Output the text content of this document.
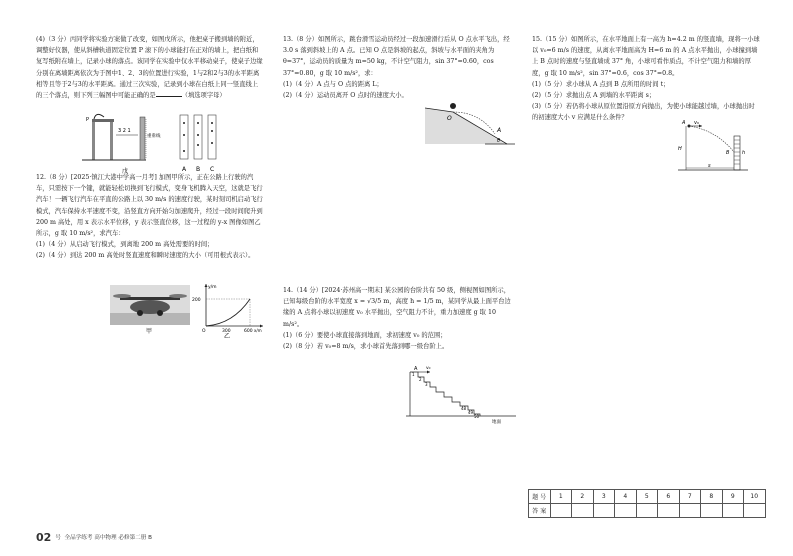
(4)（3 分）丙同学将实验方案做了改变，如图戊所示，他把桌子搬到墙的附近，调整好仪器，使从斜槽轨道固定位置 P 滚下的小球能打在正对的墙上，把白纸和复写纸附在墙上，记录小球的落点。该同学在实验中仅水平移动桌子，使桌子边缘分别在离墙距离依次为于图中1、2、3的位置进行实验，1与2和2与3的水平距离相等且等于2与3的水平距离。通过三次实验，记录到小球在白纸上同一竖直线上的三个落点，则下列三幅图中可能正确的是	（填选项字母）

P
3 2 1
重垂线
戊	A B C

12.（8 分）[2025·镇江大港中学高一月考] 加图甲所示，正在公路上行驶的汽车，只需按下一个键，就能轻松切换到飞行模式，变身飞机腾入天空，这就是飞行汽车！一辆飞行汽车在平直的公路上以 30 m/s 的速度行驶，某时刻司机启动飞行模式，汽车保持水平速度不变，沿竖直方向开始匀加速爬升，经过一段时间爬升到 200 m 高处，用 x 表示水平位移，y 表示竖直位移，这一过程的 y-x 图像如图乙所示，g 取 10 m/s²，求汽车：

(1)（4 分）从启动飞行模式，到离地 200 m 高处需要的时间；

(2)（4 分）到达 200 m 高处时竖直速度和瞬时速度的大小（可用根式表示）。

甲
y/m
200
O	300	600 x/m
乙

13.（8 分）如图所示，跳台滑雪运动员经过一段加速滑行后从 O 点水平飞出，经 3.0 s 落到斜坡上的 A 点。已知 O 点是斜坡的起点，斜坡与水平面的夹角为 θ=37°，运动员的质量为 m=50 kg，不计空气阻力，sin 37°=0.60，cos 37°=0.80，g 取 10 m/s²，求：

(1)（4 分）A 点与 O 点的距离 L；

(2)（4 分）运动员离开 O 点时的速度大小。

O
A
θ

14.（14 分）[2024·苏州高一期末] 某公园的台阶共有 50 级，侧视图如图所示，已知每级台阶的水平宽度 x = √3/5 m，高度 h = 1/5 m，某同学从最上面平台边缘的 A 点将小球以初速度 v₀ 水平抛出，空气阻力不计，重力加速度 g 取 10 m/s²。

(1)（6 分）要使小球直接落到地面，求初速度 v₀ 的范围；

(2)（8 分）若 v₀=8 m/s，求小球首先落到哪一级台阶上。

A v₀
1
2
3
48
49
50
地面

15.（15 分）如图所示，在水平地面上有一高为 h=4.2 m 的竖直墙，现将一小球以 v₀=6 m/s 的速度，从离水平地面高为 H=6 m 的 A 点水平抛出，小球撞到墙上 B 点时的速度与竖直墙成 37° 角，小球可看作质点，不计空气阻力和墙的厚度，g 取 10 m/s²，sin 37°=0.6，cos 37°=0.8。

(1)（5 分）求小球从 A 点到 B 点所用的时间 t；

(2)（5 分）求抛出点 A 到墙的水平距离 s；

(3)（5 分）若仍将小球从原位置沿原方向抛出，为使小球能越过墙，小球抛出时的初速度大小 v 应满足什么条件？

v₀
A
H
B	h
s
题 号	1	2	3	4	5	6	7	8	9	10
答 案										
02 号 全品学练考 高中物理 必修第二册 B
